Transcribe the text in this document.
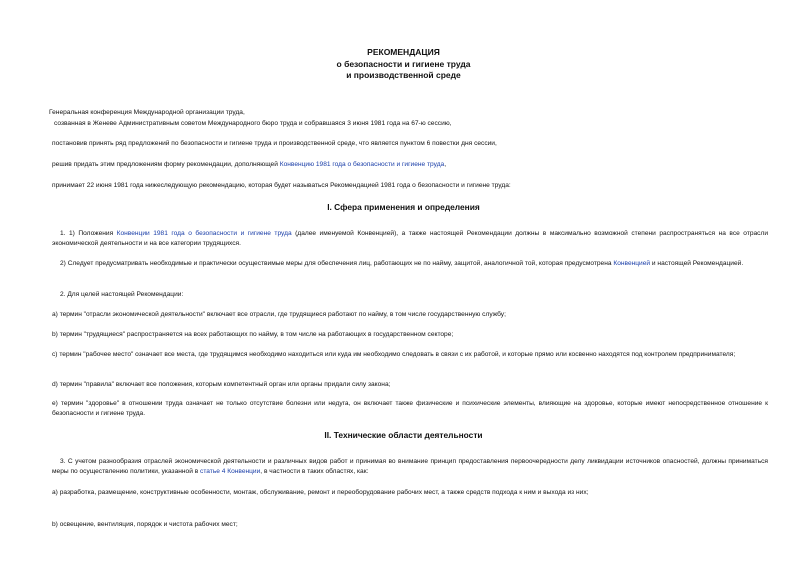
РЕКОМЕНДАЦИЯ
о безопасности и гигиене труда
и производственной среде
Генеральная конференция Международной организации труда,
созванная в Женеве Административным советом Международного бюро труда и собравшаяся 3 июня 1981 года на 67-ю сессию,
постановив принять ряд предложений по безопасности и гигиене труда и производственной среде, что является пунктом 6 повестки дня сессии,
решив придать этим предложениям форму рекомендации, дополняющей Конвенцию 1981 года о безопасности и гигиене труда,
принимает 22 июня 1981 года нижеследующую рекомендацию, которая будет называться Рекомендацией 1981 года о безопасности и гигиене труда:
I. Сфера применения и определения
1. 1) Положения Конвенции 1981 года о безопасности и гигиене труда (далее именуемой Конвенцией), а также настоящей Рекомендации должны в максимально возможной степени распространяться на все отрасли экономической деятельности и на все категории трудящихся.
2) Следует предусматривать необходимые и практически осуществимые меры для обеспечения лиц, работающих не по найму, защитой, аналогичной той, которая предусмотрена Конвенцией и настоящей Рекомендацией.
2. Для целей настоящей Рекомендации:
а) термин "отрасли экономической деятельности" включает все отрасли, где трудящиеся работают по найму, в том числе государственную службу;
b) термин "трудящиеся" распространяется на всех работающих по найму, в том числе на работающих в государственном секторе;
с) термин "рабочее место" означает все места, где трудящимся необходимо находиться или куда им необходимо следовать в связи с их работой, и которые прямо или косвенно находятся под контролем предпринимателя;
d) термин "правила" включает все положения, которым компетентный орган или органы придали силу закона;
е) термин "здоровье" в отношении труда означает не только отсутствие болезни или недуга, он включает также физические и психические элементы, влияющие на здоровье, которые имеют непосредственное отношение к безопасности и гигиене труда.
II. Технические области деятельности
3. С учетом разнообразия отраслей экономической деятельности и различных видов работ и принимая во внимание принцип предоставления первоочередности делу ликвидации источников опасностей, должны приниматься меры по осуществлению политики, указанной в статье 4 Конвенции, в частности в таких областях, как:
а) разработка, размещение, конструктивные особенности, монтаж, обслуживание, ремонт и переоборудование рабочих мест, а также средств подхода к ним и выхода из них;
b) освещение, вентиляция, порядок и чистота рабочих мест;
